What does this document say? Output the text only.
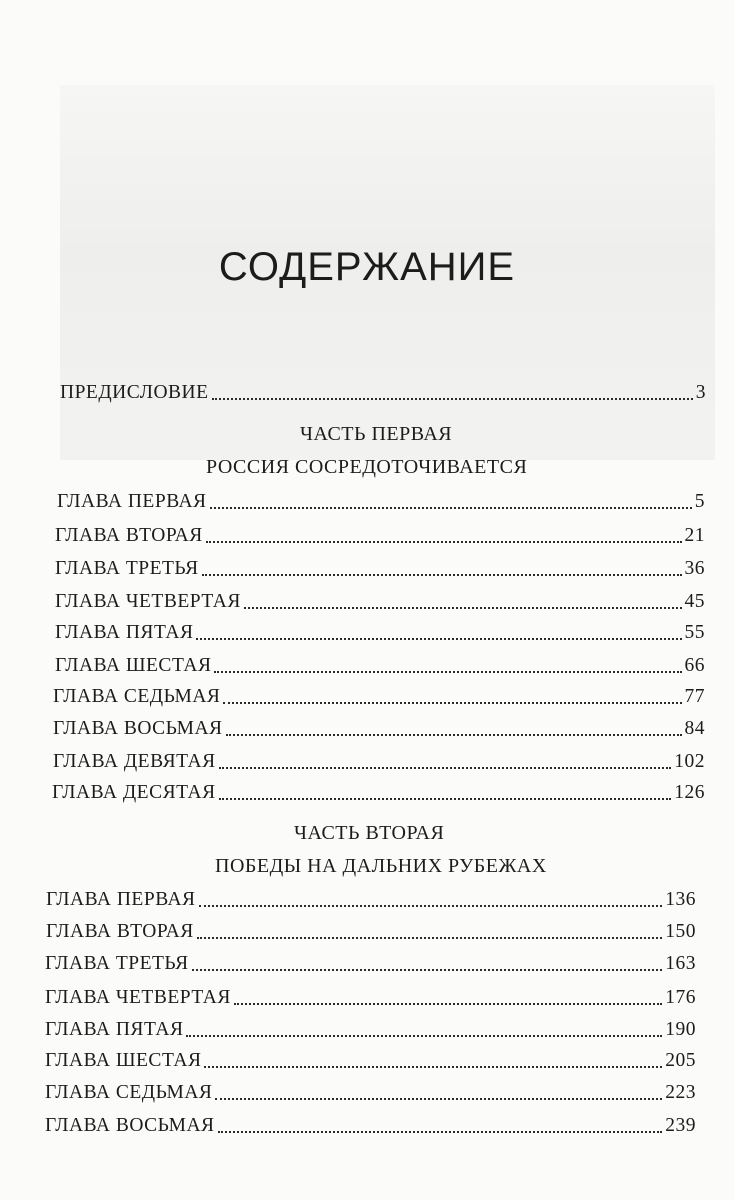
СОДЕРЖАНИЕ
ПРЕДИСЛОВИЕ	3
ЧАСТЬ ПЕРВАЯ
РОССИЯ СОСРЕДОТОЧИВАЕТСЯ
ГЛАВА ПЕРВАЯ	5
ГЛАВА ВТОРАЯ	21
ГЛАВА ТРЕТЬЯ	36
ГЛАВА ЧЕТВЕРТАЯ	45
ГЛАВА ПЯТАЯ	55
ГЛАВА ШЕСТАЯ	66
ГЛАВА СЕДЬМАЯ	77
ГЛАВА ВОСЬМАЯ	84
ГЛАВА ДЕВЯТАЯ	102
ГЛАВА ДЕСЯТАЯ	126
ЧАСТЬ ВТОРАЯ
ПОБЕДЫ НА ДАЛЬНИХ РУБЕЖАХ
ГЛАВА ПЕРВАЯ	136
ГЛАВА ВТОРАЯ	150
ГЛАВА ТРЕТЬЯ	163
ГЛАВА ЧЕТВЕРТАЯ	176
ГЛАВА ПЯТАЯ	190
ГЛАВА ШЕСТАЯ	205
ГЛАВА СЕДЬМАЯ	223
ГЛАВА ВОСЬМАЯ	239
